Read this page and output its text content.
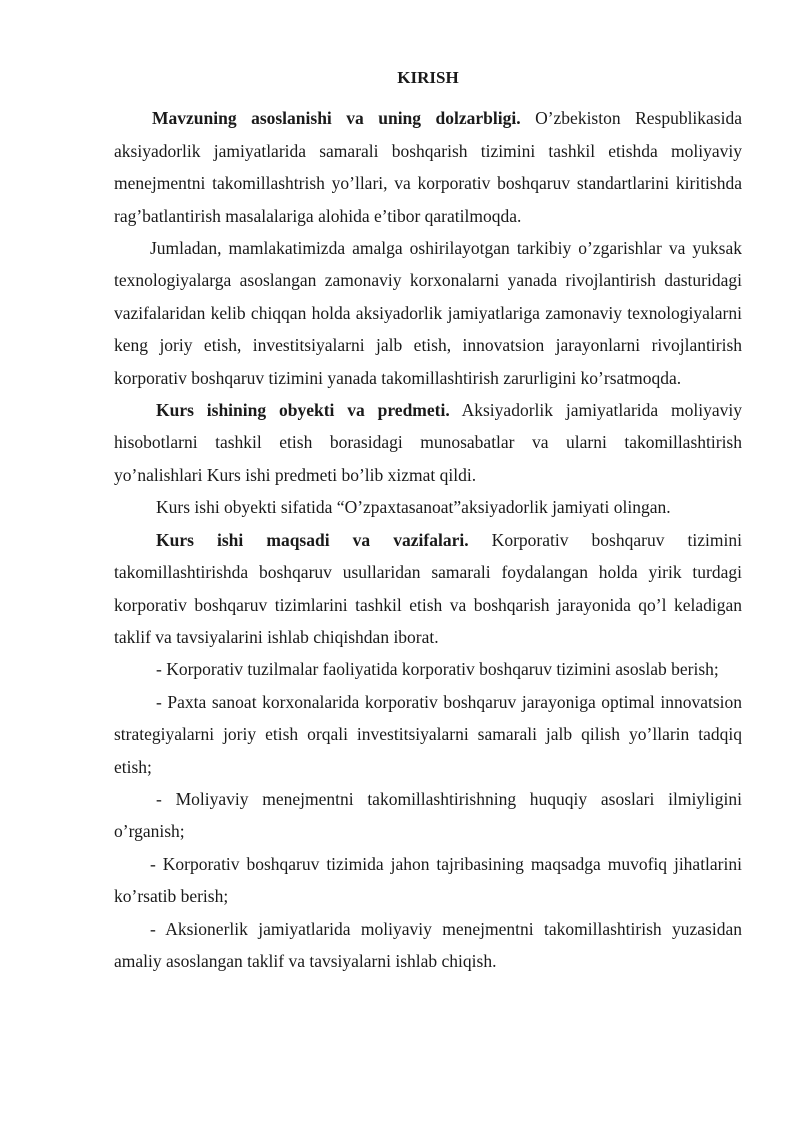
KIRISH

Mavzuning asoslanishi va uning dolzarbligi. O’zbekiston Respublikasida aksiyadorlik jamiyatlarida samarali boshqarish tizimini tashkil etishda moliyaviy menejmentni takomillashtrish yo’llari, va korporativ boshqaruv standartlarini kiritishda rag’batlantirish masalalariga alohida e’tibor qaratilmoqda.

Jumladan, mamlakatimizda amalga oshirilayotgan tarkibiy o’zgarishlar va yuksak texnologiyalarga asoslangan zamonaviy korxonalarni yanada rivojlantirish dasturidagi vazifalaridan kelib chiqqan holda aksiyadorlik jamiyatlariga zamonaviy texnologiyalarni keng joriy etish, investitsiyalarni jalb etish, innovatsion jarayonlarni rivojlantirish korporativ boshqaruv tizimini yanada takomillashtirish zarurligini ko’rsatmoqda.

Kurs ishining obyekti va predmeti. Aksiyadorlik jamiyatlarida moliyaviy hisobotlarni tashkil etish borasidagi munosabatlar va ularni takomillashtirish yo’nalishlari Kurs ishi predmeti bo’lib xizmat qildi.

Kurs ishi obyekti sifatida “O’zpaxtasanoat”aksiyadorlik jamiyati olingan.

Kurs ishi maqsadi va vazifalari. Korporativ boshqaruv tizimini takomillashtirishda boshqaruv usullaridan samarali foydalangan holda yirik turdagi korporativ boshqaruv tizimlarini tashkil etish va boshqarish jarayonida qo’l keladigan taklif va tavsiyalarini ishlab chiqishdan iborat.

- Korporativ tuzilmalar faoliyatida korporativ boshqaruv tizimini asoslab berish;

- Paxta sanoat korxonalarida korporativ boshqaruv jarayoniga optimal innovatsion strategiyalarni joriy etish orqali investitsiyalarni samarali jalb qilish yo’llarin tadqiq etish;

- Moliyaviy menejmentni takomillashtirishning huquqiy asoslari ilmiyligini o’rganish;

- Korporativ boshqaruv tizimida jahon tajribasining maqsadga muvofiq jihatlarini ko’rsatib berish;

- Aksionerlik jamiyatlarida moliyaviy menejmentni takomillashtirish yuzasidan amaliy asoslangan taklif va tavsiyalarni ishlab chiqish.
